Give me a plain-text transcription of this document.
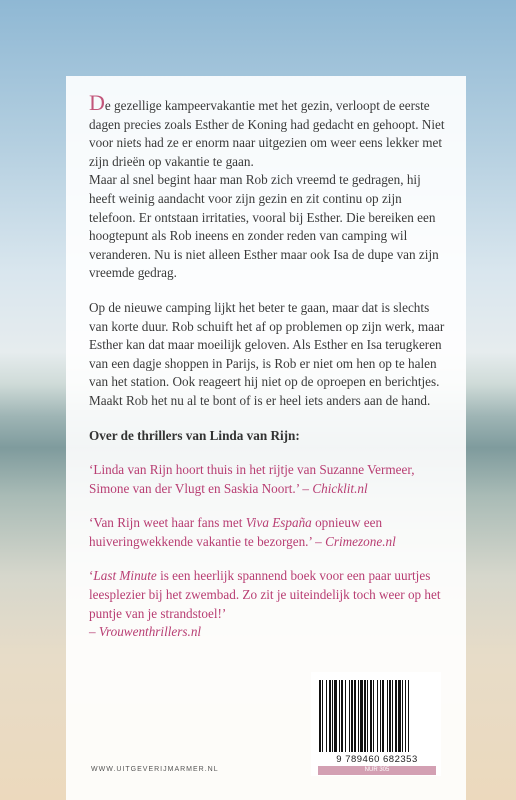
De gezellige kampeervakantie met het gezin, verloopt de eerste dagen precies zoals Esther de Koning had gedacht en gehoopt. Niet voor niets had ze er enorm naar uitgezien om weer eens lekker met zijn drieën op vakantie te gaan.

Maar al snel begint haar man Rob zich vreemd te gedragen, hij heeft weinig aandacht voor zijn gezin en zit continu op zijn telefoon. Er ontstaan irritaties, vooral bij Esther. Die bereiken een hoogtepunt als Rob ineens en zonder reden van camping wil veranderen. Nu is niet alleen Esther maar ook Isa de dupe van zijn vreemde gedrag.

Op de nieuwe camping lijkt het beter te gaan, maar dat is slechts van korte duur. Rob schuift het af op problemen op zijn werk, maar Esther kan dat maar moeilijk geloven. Als Esther en Isa terugkeren van een dagje shoppen in Parijs, is Rob er niet om hen op te halen van het station. Ook reageert hij niet op de oproepen en berichtjes. Maakt Rob het nu al te bont of is er heel iets anders aan de hand.

Over de thrillers van Linda van Rijn:

‘Linda van Rijn hoort thuis in het rijtje van Suzanne Vermeer, Simone van der Vlugt en Saskia Noort.’ – Chicklit.nl

‘Van Rijn weet haar fans met Viva España opnieuw een huiveringwekkende vakantie te bezorgen.’ – Crimezone.nl

‘Last Minute is een heerlijk spannend boek voor een paar uurtjes leesplezier bij het zwembad. Zo zit je uiteindelijk toch weer op het puntje van je strandstoel!’
– Vrouwenthrillers.nl

WWW.UITGEVERIJMARMER.NL
9 789460 682353
NUR 305
